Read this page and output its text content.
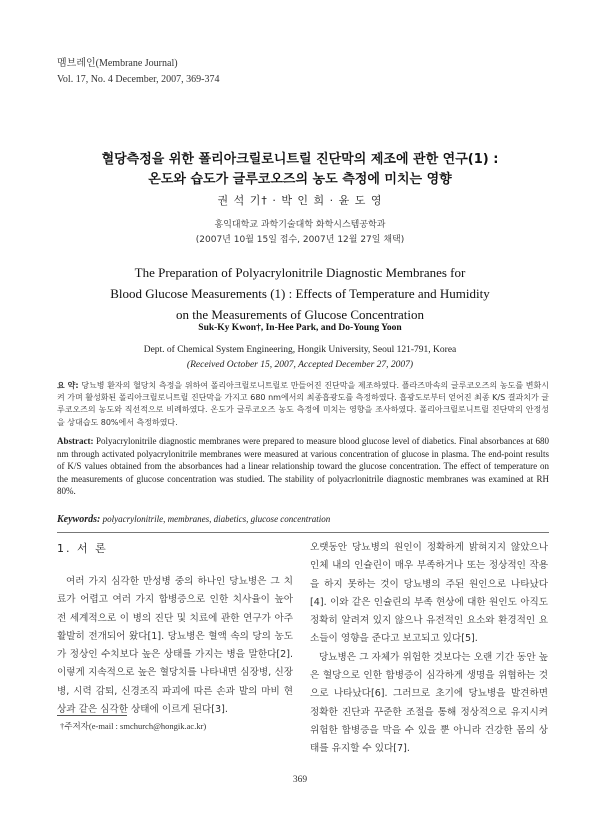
멤브레인(Membrane Journal)
Vol. 17, No. 4 December, 2007, 369-374
혈당측정을 위한 폴리아크릴로니트릴 진단막의 제조에 관한 연구(1) :
온도와 습도가 글루코오즈의 농도 측정에 미치는 영향
권 석 기† · 박 인 희 · 윤 도 영
홍익대학교 과학기술대학 화학시스템공학과
(2007년 10월 15일 접수, 2007년 12월 27일 채택)
The Preparation of Polyacrylonitrile Diagnostic Membranes for
Blood Glucose Measurements (1) : Effects of Temperature and Humidity
on the Measurements of Glucose Concentration
Suk-Ky Kwon†, In-Hee Park, and Do-Young Yoon
Dept. of Chemical System Engineering, Hongik University, Seoul 121-791, Korea
(Received October 15, 2007, Accepted December 27, 2007)
요 약: 당뇨병 환자의 혈당치 측정을 위하여 폴리아크릴로니트릴로 만들어진 진단막을 제조하였다. 플라즈마속의 글루코오즈의 농도를 변화시켜 가며 활성화된 폴리아크릴로니트릴 진단막을 가지고 680 nm에서의 최종흡광도를 측정하였다. 흡광도로부터 얻어진 최종 K/S 결과치가 글루코오즈의 농도와 직선적으로 비례하였다. 온도가 글루코오즈 농도 측정에 미치는 영향을 조사하였다. 폴리아크릴로니트릴 진단막의 안정성을 상대습도 80%에서 측정하였다.
Abstract: Polyacrylonitrile diagnostic membranes were prepared to measure blood glucose level of diabetics. Final absorbances at 680 nm through activated polyacrylonitrile membranes were measured at various concentration of glucose in plasma. The end-point results of K/S values obtained from the absorbances had a linear relationship toward the glucose concentration. The effect of temperature on the measurements of glucose concentration was studied. The stability of polyacrlonitrile diagnostic membranes was examined at RH 80%.
Keywords: polyacrylonitrile, membranes, diabetics, glucose concentration
1. 서 론

여러 가지 심각한 만성병 중의 하나인 당뇨병은 그 치료가 어렵고 여러 가지 합병증으로 인한 치사율이 높아 전 세계적으로 이 병의 진단 및 치료에 관한 연구가 아주 활발히 전개되어 왔다[1]. 당뇨병은 혈액 속의 당의 농도가 정상인 수치보다 높은 상태를 가지는 병을 말한다[2]. 이렇게 지속적으로 높은 혈당치를 나타내면 심장병, 신장병, 시력 감퇴, 신경조직 파괴에 따른 손과 발의 마비 현상과 같은 심각한 상태에 이르게 된다[3].

오랫동안 당뇨병의 원인이 정확하게 밝혀지지 않았으나 인체 내의 인슐린이 매우 부족하거나 또는 정상적인 작용을 하지 못하는 것이 당뇨병의 주된 원인으로 나타났다[4]. 이와 같은 인슐린의 부족 현상에 대한 원인도 아직도 정확히 알려져 있지 않으나 유전적인 요소와 환경적인 요소들이 영향을 준다고 보고되고 있다[5].

당뇨병은 그 자체가 위험한 것보다는 오랜 기간 동안 높은 혈당으로 인한 합병증이 심각하게 생명을 위협하는 것으로 나타났다[6]. 그러므로 초기에 당뇨병을 발견하면 정확한 진단과 꾸준한 조절을 통해 정상적으로 유지시켜 위험한 합병증을 막을 수 있을 뿐 아니라 건강한 몸의 상태를 유지할 수 있다[7].

†주저자(e-mail : smchurch@hongik.ac.kr)
369
